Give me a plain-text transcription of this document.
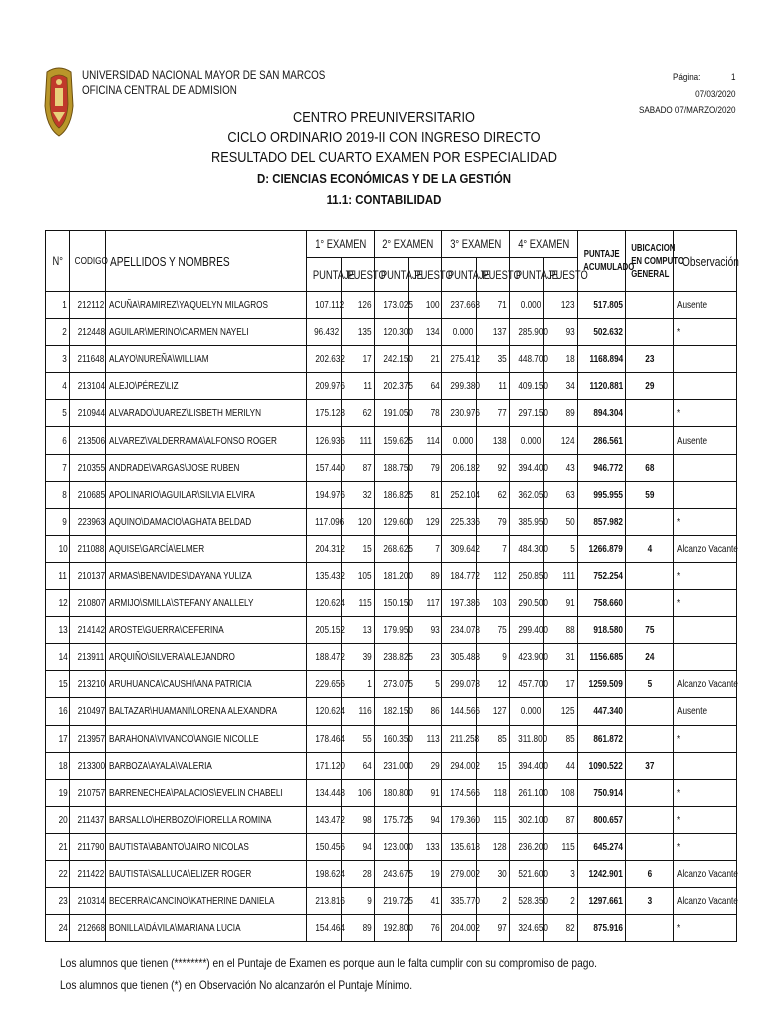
UNIVERSIDAD NACIONAL MAYOR DE SAN MARCOS
OFICINA CENTRAL DE ADMISION
Página:	1
07/03/2020
SABADO 07/MARZO/2020
CENTRO PREUNIVERSITARIO
CICLO ORDINARIO 2019-II CON INGRESO DIRECTO
RESULTADO DEL CUARTO EXAMEN POR ESPECIALIDAD
D: CIENCIAS ECONÓMICAS Y DE LA GESTIÓN
11.1: CONTABILIDAD
N°	CODIGO	APELLIDOS Y NOMBRES	1° EXAMEN		2° EXAMEN		3° EXAMEN		4° EXAMEN		PUNTAJE
ACUMULADO	UBICACION
EN COMPUTO
GENERAL	Observación
			PUNTAJE	PUESTO	PUNTAJE	PUESTO	PUNTAJE	PUESTO	PUNTAJE	PUESTO			
1	212112	ACUÑA\RAMIREZ\YAQUELYN MILAGROS	107.112	126	173.025	100	237.668	71	0.000	123	517.805		Ausente
2	212448	AGUILAR\MERINO\CARMEN NAYELI	96.432	135	120.300	134	0.000	137	285.900	93	502.632		*
3	211648	ALAYO\NUREÑA\WILLIAM	202.632	17	242.150	21	275.412	35	448.700	18	1168.894	23	
4	213104	ALEJO\PÉREZ\LIZ	209.976	11	202.375	64	299.380	11	409.150	34	1120.881	29	
5	210944	ALVARADO\JUAREZ\LISBETH MERILYN	175.128	62	191.050	78	230.976	77	297.150	89	894.304		*
6	213506	ALVAREZ\VALDERRAMA\ALFONSO ROGER	126.936	111	159.625	114	0.000	138	0.000	124	286.561		Ausente
7	210355	ANDRADE\VARGAS\JOSE RUBEN	157.440	87	188.750	79	206.182	92	394.400	43	946.772	68	
8	210685	APOLINARIO\AGUILAR\SILVIA ELVIRA	194.976	32	186.825	81	252.104	62	362.050	63	995.955	59	
9	223963	AQUINO\DAMACIO\AGHATA BELDAD	117.096	120	129.600	129	225.336	79	385.950	50	857.982		*
10	211088	AQUISE\GARCÍA\ELMER	204.312	15	268.625	7	309.642	7	484.300	5	1266.879	4	Alcanzo Vacante
11	210137	ARMAS\BENAVIDES\DAYANA YULIZA	135.432	105	181.200	89	184.772	112	250.850	111	752.254		*
12	210807	ARMIJO\SMILLA\STEFANY ANALLELY	120.624	115	150.150	117	197.386	103	290.500	91	758.660		*
13	214142	AROSTE\GUERRA\CEFERINA	205.152	13	179.950	93	234.078	75	299.400	88	918.580	75	
14	213911	ARQUIÑO\SILVERA\ALEJANDRO	188.472	39	238.825	23	305.488	9	423.900	31	1156.685	24	
15	213210	ARUHUANCA\CAUSHI\ANA PATRICIA	229.656	1	273.075	5	299.078	12	457.700	17	1259.509	5	Alcanzo Vacante
16	210497	BALTAZAR\HUAMANI\LORENA ALEXANDRA	120.624	116	182.150	86	144.566	127	0.000	125	447.340		Ausente
17	213957	BARAHONA\VIVANCO\ANGIE NICOLLE	178.464	55	160.350	113	211.258	85	311.800	85	861.872		*
18	213300	BARBOZA\AYALA\VALERIA	171.120	64	231.000	29	294.002	15	394.400	44	1090.522	37	
19	210757	BARRENECHEA\PALACIOS\EVELIN CHABELI	134.448	106	180.800	91	174.566	118	261.100	108	750.914		*
20	211437	BARSALLO\HERBOZO\FIORELLA ROMINA	143.472	98	175.725	94	179.360	115	302.100	87	800.657		*
21	211790	BAUTISTA\ABANTO\JAIRO NICOLAS	150.456	94	123.000	133	135.618	128	236.200	115	645.274		*
22	211422	BAUTISTA\SALLUCA\ELIZER ROGER	198.624	28	243.675	19	279.002	30	521.600	3	1242.901	6	Alcanzo Vacante
23	210314	BECERRA\CANCINO\KATHERINE DANIELA	213.816	9	219.725	41	335.770	2	528.350	2	1297.661	3	Alcanzo Vacante
24	212668	BONILLA\DÁVILA\MARIANA LUCIA	154.464	89	192.800	76	204.002	97	324.650	82	875.916		*
Los alumnos que tienen (********) en el Puntaje de Examen es porque aun le falta cumplir con su compromiso de pago.
Los alumnos que tienen (*) en Observación No alcanzarón el Puntaje Mínimo.
